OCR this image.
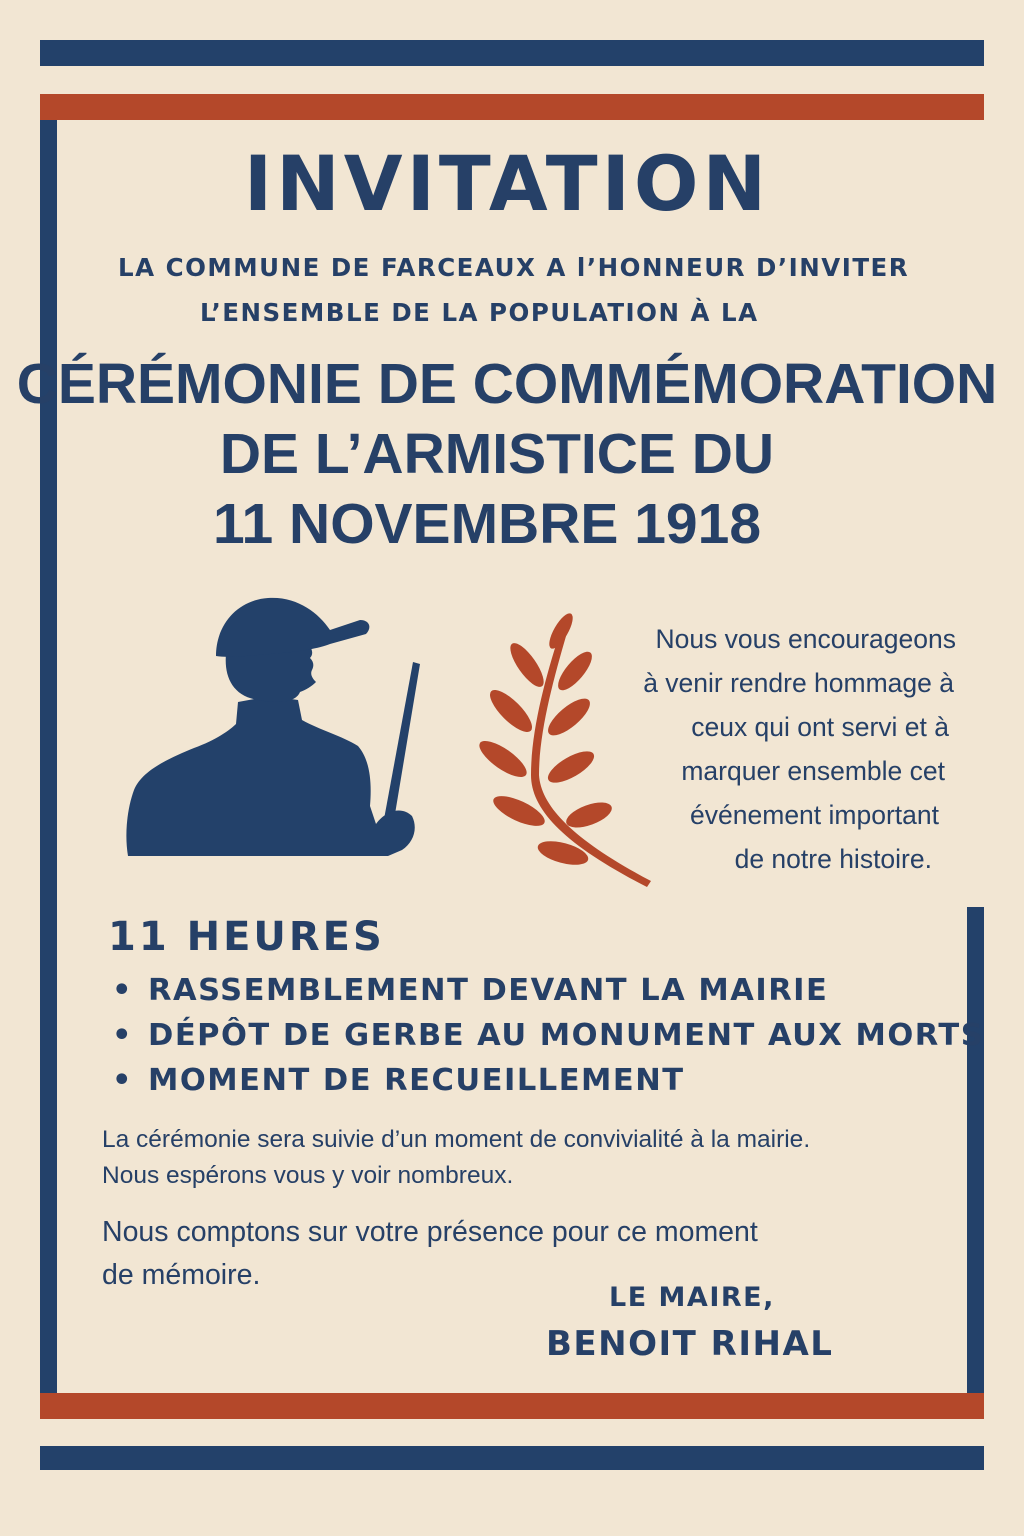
INVITATION
LA COMMUNE DE FARCEAUX A l’HONNEUR D’INVITER
L’ENSEMBLE DE LA POPULATION À LA
CÉRÉMONIE DE COMMÉMORATION
DE L’ARMISTICE DU
11 NOVEMBRE 1918
Nous vous encourageons
à venir rendre hommage à
ceux qui ont servi et à
marquer ensemble cet
événement important
de notre histoire.
11 HEURES
• RASSEMBLEMENT DEVANT LA MAIRIE
• DÉPÔT DE GERBE AU MONUMENT AUX MORTS
• MOMENT DE RECUEILLEMENT
La cérémonie sera suivie d’un moment de convivialité à la mairie.
Nous espérons vous y voir nombreux.
Nous comptons sur votre présence pour ce moment
de mémoire.
LE MAIRE,
BENOIT RIHAL
